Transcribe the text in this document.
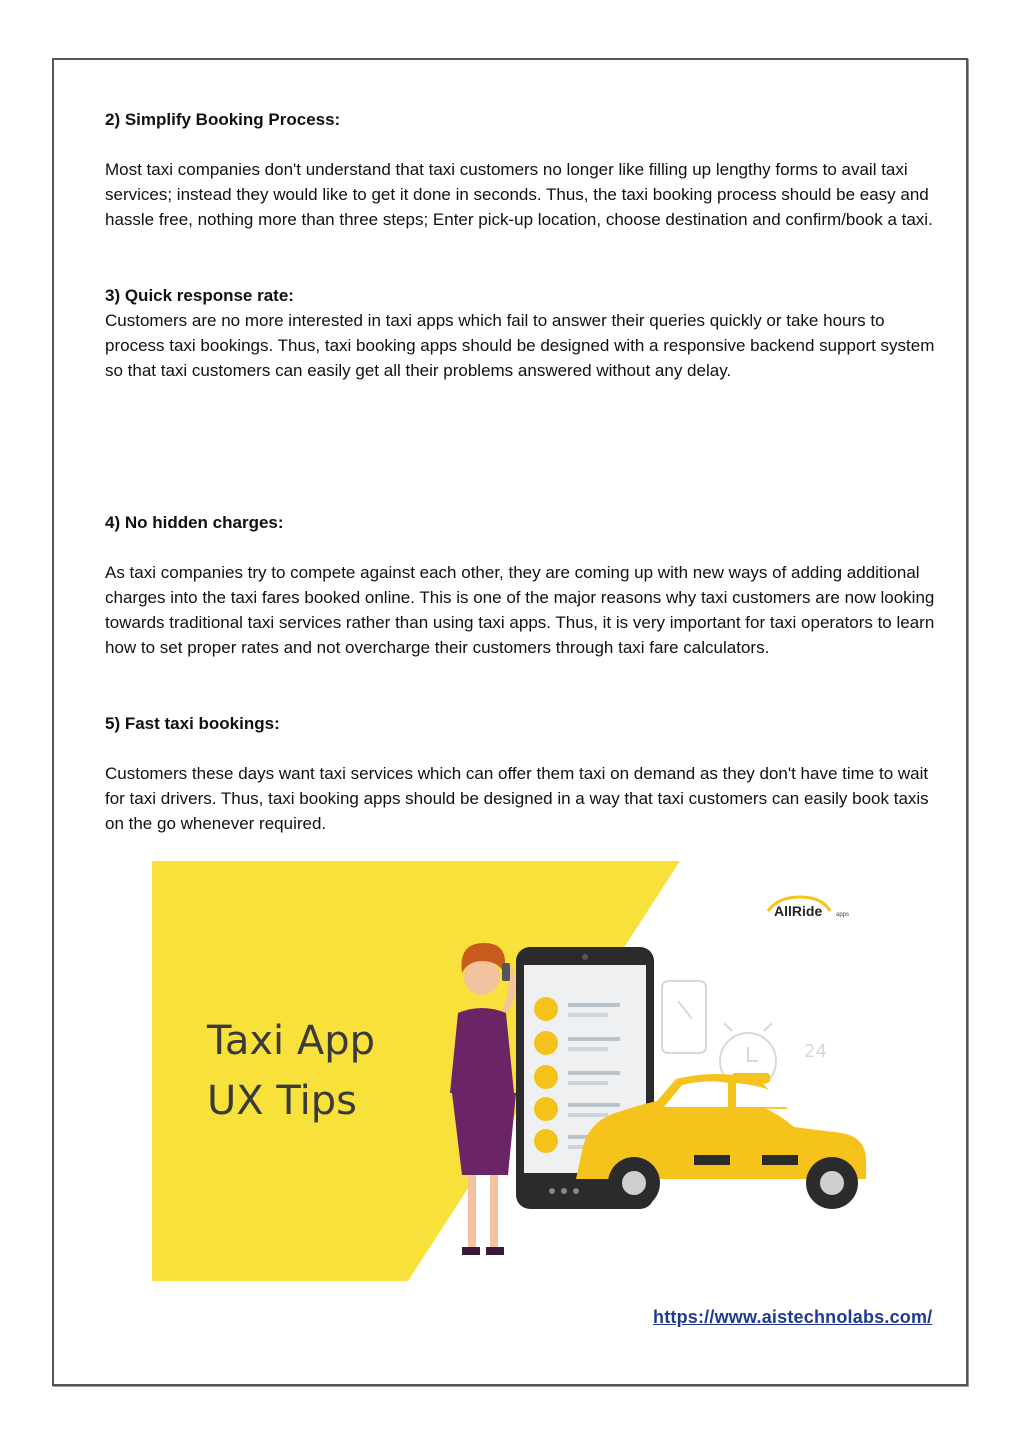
2) Simplify Booking Process:

Most taxi companies don't understand that taxi customers no longer like filling up lengthy forms to avail taxi services; instead they would like to get it done in seconds. Thus, the taxi booking process should be easy and hassle free, nothing more than three steps; Enter pick-up location, choose destination and confirm/book a taxi.

3) Quick response rate:

Customers are no more interested in taxi apps which fail to answer their queries quickly or take hours to process taxi bookings. Thus, taxi booking apps should be designed with a responsive backend support system so that taxi customers can easily get all their problems answered without any delay.

4) No hidden charges:

As taxi companies try to compete against each other, they are coming up with new ways of adding additional charges into the taxi fares booked online. This is one of the major reasons why taxi customers are now looking towards traditional taxi services rather than using taxi apps. Thus, it is very important for taxi operators to learn how to set proper rates and not overcharge their customers through taxi fare calculators.

5) Fast taxi bookings:

Customers these days want taxi services which can offer them taxi on demand as they don't have time to wait for taxi drivers. Thus, taxi booking apps should be designed in a way that taxi customers can easily book taxis on the go whenever required.

Taxi App
UX Tips
AllRide apps
24
https://www.aistechnolabs.com/
